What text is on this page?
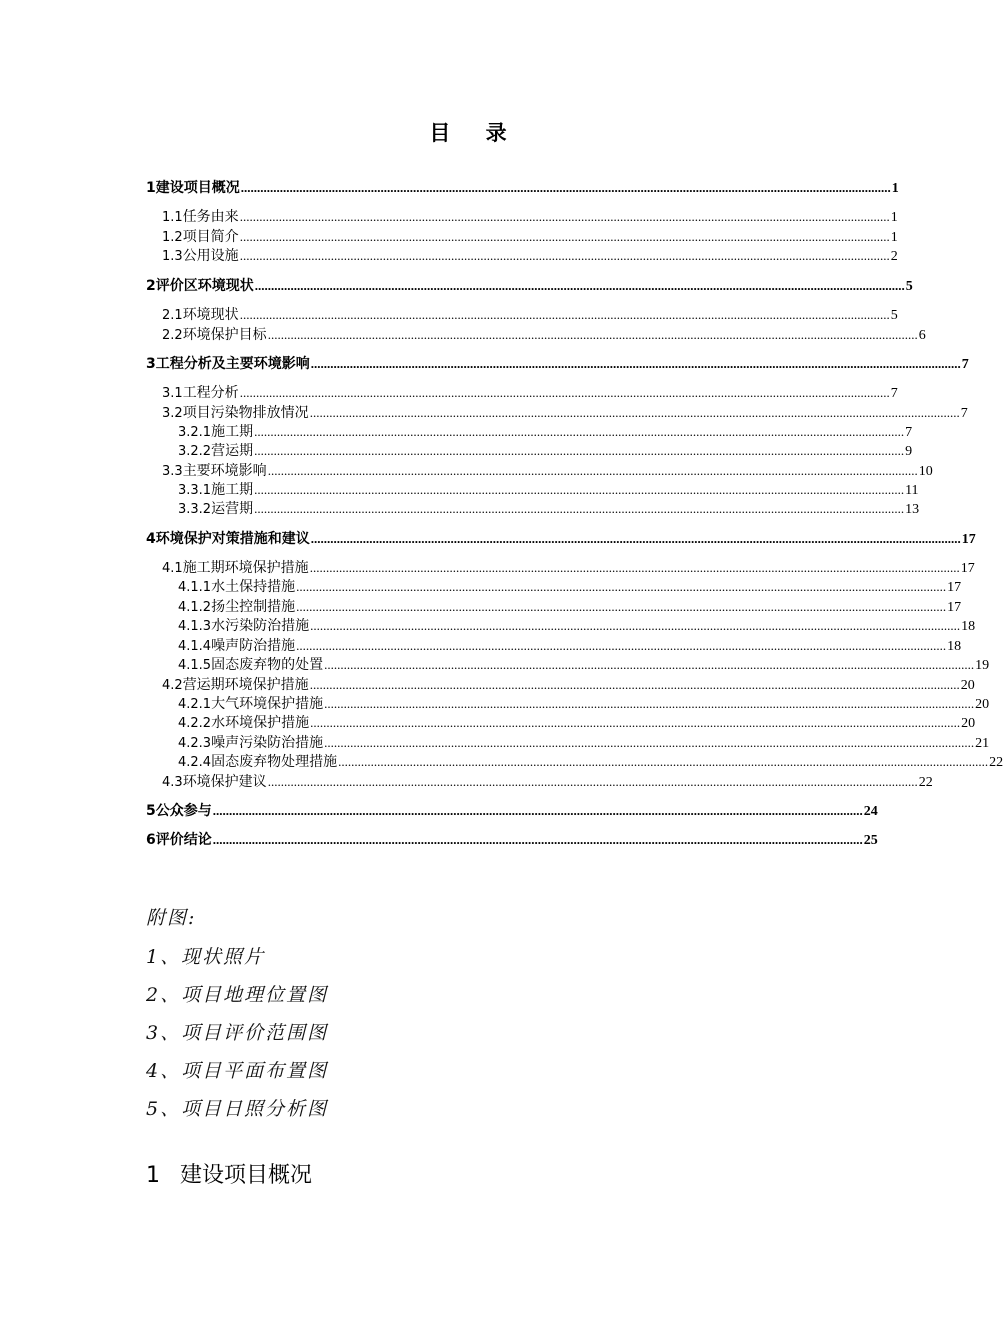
目 录
1 建设项目概况 ........................................................................................................................................................................................................ 1
1.1 任务由来 ........................................................................................................................................................................................................ 1
1.2 项目简介 ........................................................................................................................................................................................................ 1
1.3 公用设施 ........................................................................................................................................................................................................ 2
2 评价区环境现状 ........................................................................................................................................................................................................ 5
2.1 环境现状 ........................................................................................................................................................................................................ 5
2.2 环境保护目标 ........................................................................................................................................................................................................ 6
3 工程分析及主要环境影响 ........................................................................................................................................................................................................ 7
3.1 工程分析 ........................................................................................................................................................................................................ 7
3.2 项目污染物排放情况 ........................................................................................................................................................................................................ 7
3.2.1 施工期 ........................................................................................................................................................................................................ 7
3.2.2 营运期 ........................................................................................................................................................................................................ 9
3.3 主要环境影响 ........................................................................................................................................................................................................ 10
3.3.1 施工期 ........................................................................................................................................................................................................ 11
3.3.2 运营期 ........................................................................................................................................................................................................ 13
4 环境保护对策措施和建议 ........................................................................................................................................................................................................ 17
4.1 施工期环境保护措施 ........................................................................................................................................................................................................ 17
4.1.1 水土保持措施 ........................................................................................................................................................................................................ 17
4.1.2 扬尘控制措施 ........................................................................................................................................................................................................ 17
4.1.3 水污染防治措施 ........................................................................................................................................................................................................ 18
4.1.4 噪声防治措施 ........................................................................................................................................................................................................ 18
4.1.5 固态废弃物的处置 ........................................................................................................................................................................................................ 19
4.2 营运期环境保护措施 ........................................................................................................................................................................................................ 20
4.2.1 大气环境保护措施 ........................................................................................................................................................................................................ 20
4.2.2 水环境保护措施 ........................................................................................................................................................................................................ 20
4.2.3 噪声污染防治措施 ........................................................................................................................................................................................................ 21
4.2.4 固态废弃物处理措施 ........................................................................................................................................................................................................ 22
4.3 环境保护建议 ........................................................................................................................................................................................................ 22
5 公众参与 ........................................................................................................................................................................................................ 24
6 评价结论 ........................................................................................................................................................................................................ 25
附图:
1、现状照片
2、项目地理位置图
3、项目评价范围图
4、项目平面布置图
5、项目日照分析图
1 建设项目概况
